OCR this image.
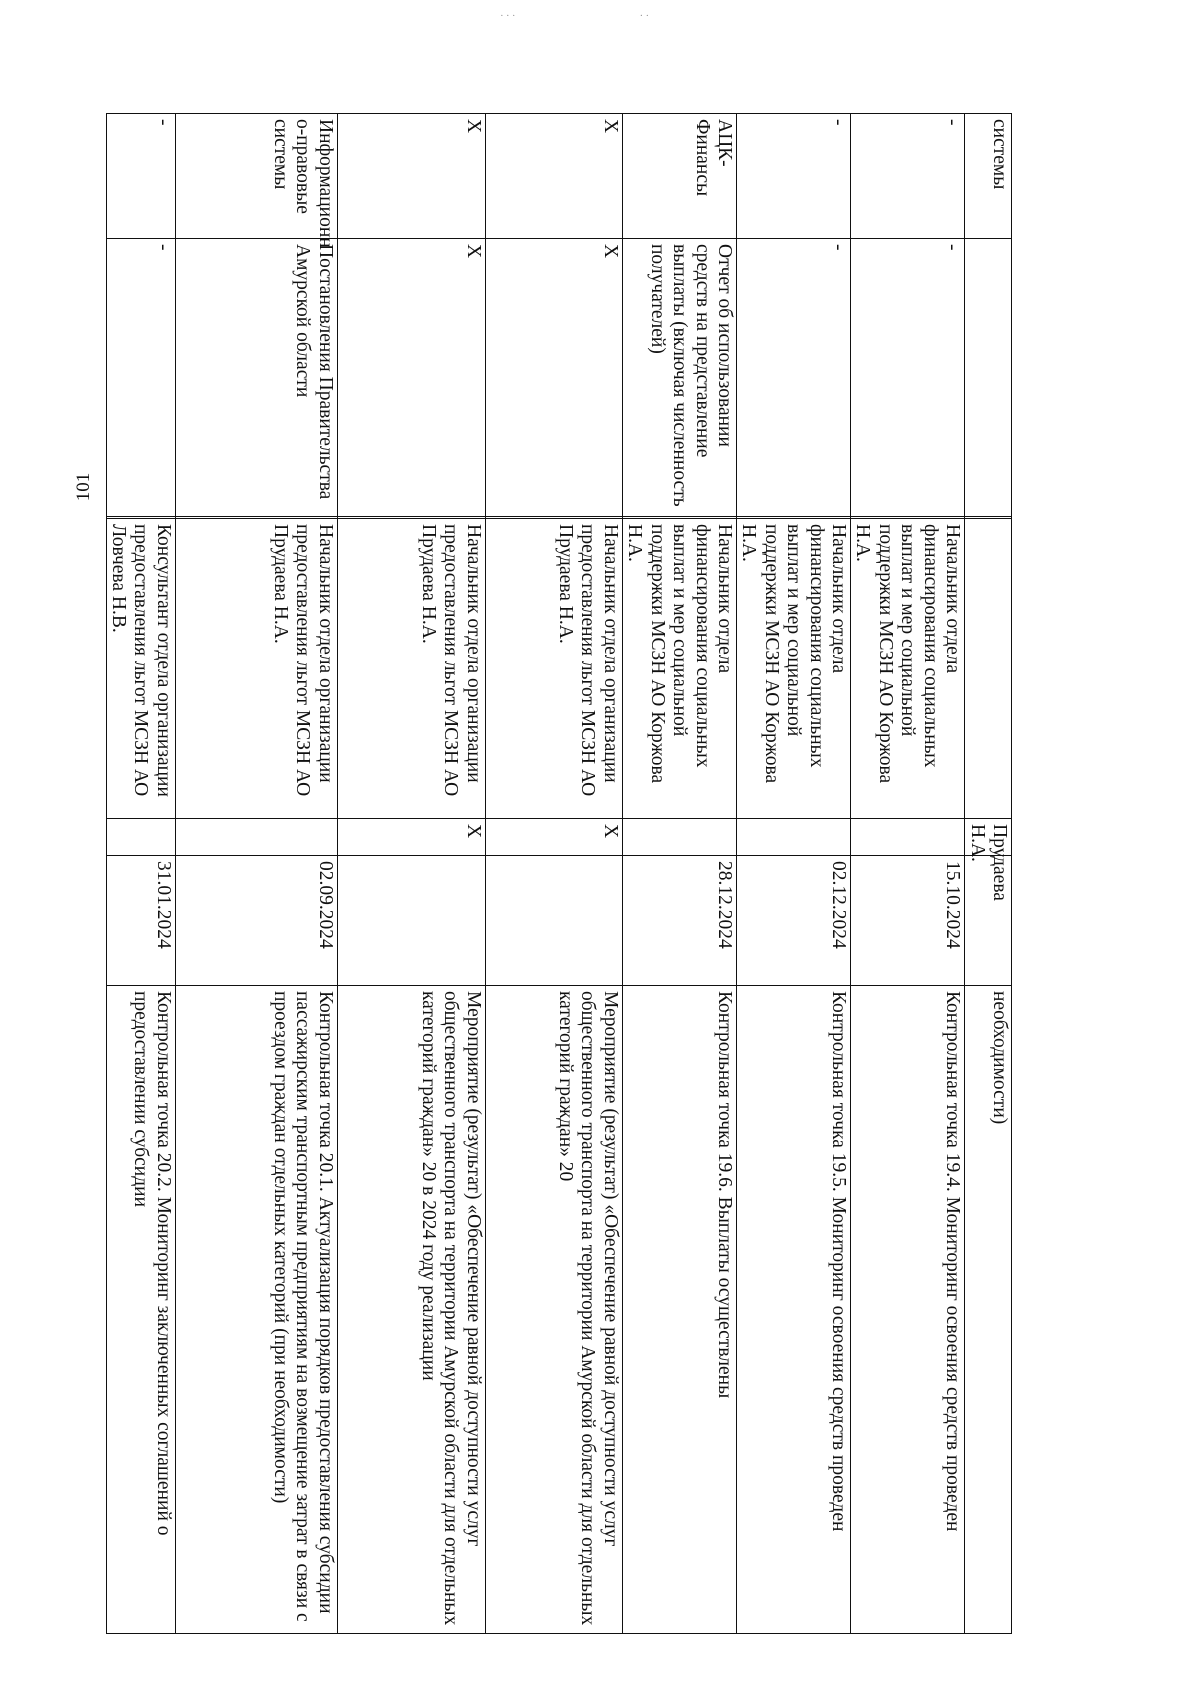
101
· ∙ ·	∙ ·
системы				Прудаева Н.А.		необходимости)
-	-		Начальник отдела финансирования социальных выплат и мер социальной поддержки МСЗН АО Коржова Н.А.		15.10.2024	Контрольная точка 19.4. Мониторинг освоения средств проведен
-	-		Начальник отдела финансирования социальных выплат и мер социальной поддержки МСЗН АО Коржова Н.А.		02.12.2024	Контрольная точка 19.5. Мониторинг освоения средств проведен
АЦК-Финансы	Отчет об использовании средств на представление выплаты (включая численность получателей)		Начальник отдела финансирования социальных выплат и мер социальной поддержки МСЗН АО Коржова Н.А.		28.12.2024	Контрольная точка 19.6. Выплаты осуществлены
Х	Х		Начальник отдела организации предоставления льгот МСЗН АО Прудаева Н.А.	Х		Мероприятие (результат) «Обеспечение равной доступности услуг общественного транспорта на территории Амурской области для отдельных категорий граждан» 20
Х	Х		Начальник отдела организации предоставления льгот МСЗН АО Прудаева Н.А.	Х		Мероприятие (результат) «Обеспечение равной доступности услуг общественного транспорта на территории Амурской области для отдельных категорий граждан» 20 в 2024 году реализации
Информационн о-правовые системы	Постановления Правительства Амурской области		Начальник отдела организации предоставления льгот МСЗН АО Прудаева Н.А.		02.09.2024	Контрольная точка 20.1. Актуализация порядков предоставления субсидии пассажирским транспортным предприятиям на возмещение затрат в связи с проездом граждан отдельных категорий (при необходимости)
-	-		Консультант отдела организации предоставления льгот МСЗН АО Ловчева Н.В.		31.01.2024	Контрольная точка 20.2. Мониторинг заключенных соглашений о предоставлении субсидии
